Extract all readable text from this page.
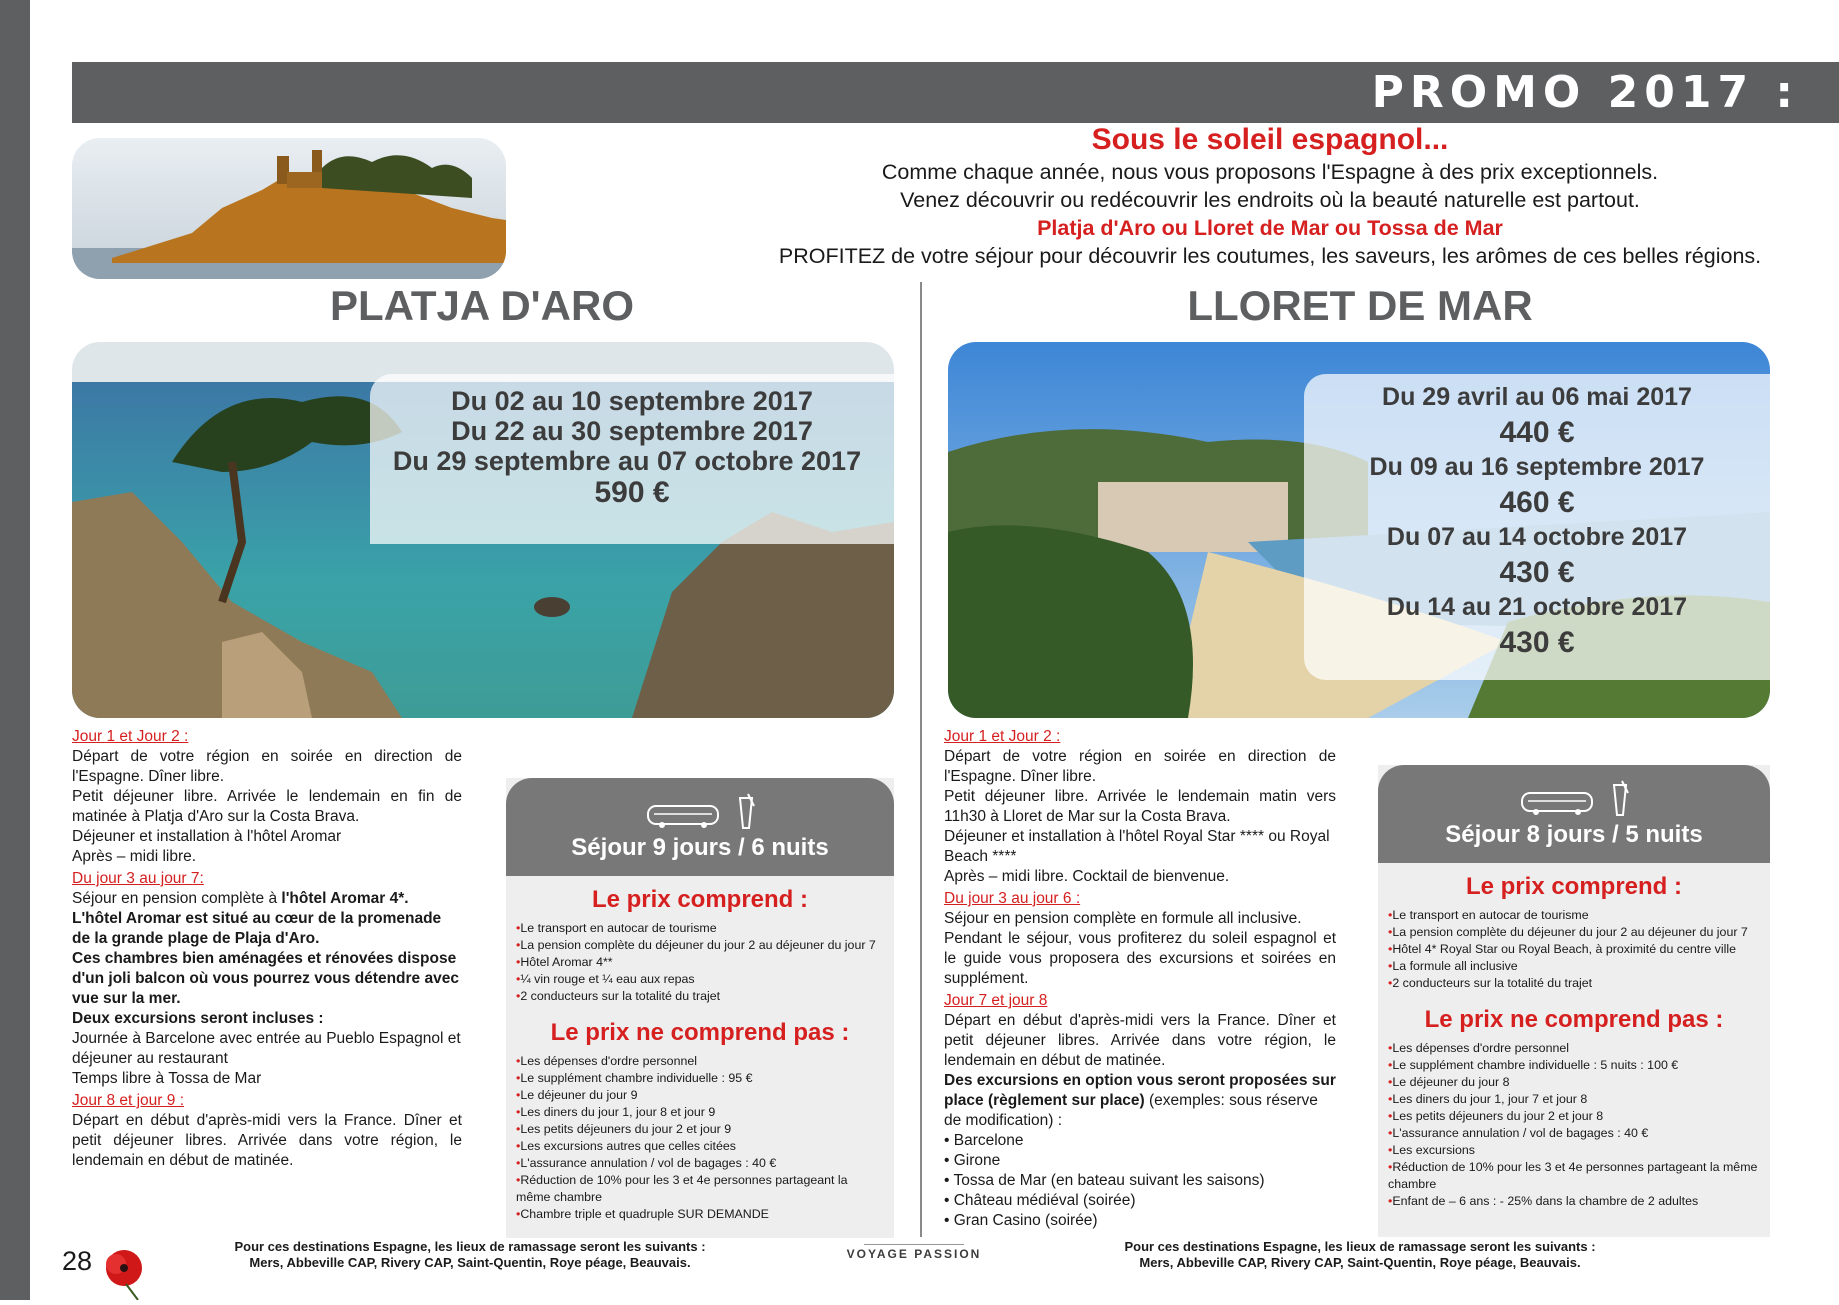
PROMO 2017 :
Sous le soleil espagnol...
Comme chaque année, nous vous proposons l'Espagne à des prix exceptionnels.
Venez découvrir ou redécouvrir les endroits où la beauté naturelle est partout.
Platja d'Aro ou Lloret de Mar ou Tossa de Mar
PROFITEZ de votre séjour pour découvrir les coutumes, les saveurs, les arômes de ces belles régions.
PLATJA D'ARO
Du 02 au 10 septembre 2017
Du 22 au 30 septembre 2017
Du 29 septembre au 07 octobre 2017
590 €

Jour 1 et Jour 2 :

Départ de votre région en soirée en direction de l'Espagne. Dîner libre.

Petit déjeuner libre. Arrivée le lendemain en fin de matinée à Platja d'Aro sur la Costa Brava.

Déjeuner et installation à l'hôtel Aromar

Après – midi libre.

Du jour 3 au jour 7:

Séjour en pension complète à l'hôtel Aromar 4*.

L'hôtel Aromar est situé au cœur de la promenade de la grande plage de Plaja d'Aro.

Ces chambres bien aménagées et rénovées dispose d'un joli balcon où vous pourrez vous détendre avec vue sur la mer.

Deux excursions seront incluses :

Journée à Barcelone avec entrée au Pueblo Espagnol et déjeuner au restaurant

Temps libre à Tossa de Mar

Jour 8 et jour 9 :

Départ en début d'après-midi vers la France. Dîner et petit déjeuner libres. Arrivée dans votre région, le lendemain en début de matinée.

Séjour 9 jours / 6 nuits
Le prix comprend :
• Le transport en autocar de tourisme
• La pension complète du déjeuner du jour 2 au déjeuner du jour 7
• Hôtel Aromar 4**
• ¼ vin rouge et ¼ eau aux repas
• 2 conducteurs sur la totalité du trajet
Le prix ne comprend pas :
• Les dépenses d'ordre personnel
• Le supplément chambre individuelle : 95 €
• Le déjeuner du jour 9
• Les diners du jour 1, jour 8 et jour 9
• Les petits déjeuners du jour 2 et jour 9
• Les excursions autres que celles citées
• L'assurance annulation / vol de bagages : 40 €
• Réduction de 10% pour les 3 et 4e personnes partageant la même chambre
• Chambre triple et quadruple SUR DEMANDE
LLORET DE MAR
Du 29 avril au 06 mai 2017
440 €
Du 09 au 16 septembre 2017
460 €
Du 07 au 14 octobre 2017
430 €
Du 14 au 21 octobre 2017
430 €

Jour 1 et Jour 2 :

Départ de votre région en soirée en direction de l'Espagne. Dîner libre.

Petit déjeuner libre. Arrivée le lendemain matin vers 11h30 à Lloret de Mar sur la Costa Brava.

Déjeuner et installation à l'hôtel Royal Star **** ou Royal Beach ****

Après – midi libre. Cocktail de bienvenue.

Du jour 3 au jour 6 :

Séjour en pension complète en formule all inclusive.

Pendant le séjour, vous profiterez du soleil espagnol et le guide vous proposera des excursions et soirées en supplément.

Jour 7 et jour 8

Départ en début d'après-midi vers la France. Dîner et petit déjeuner libres. Arrivée dans votre région, le lendemain en début de matinée.

Des excursions en option vous seront proposées sur place (règlement sur place) (exemples: sous réserve de modification) :

• Barcelone

• Girone

• Tossa de Mar (en bateau suivant les saisons)

• Château médiéval (soirée)

• Gran Casino (soirée)

Séjour 8 jours / 5 nuits
Le prix comprend :
• Le transport en autocar de tourisme
• La pension complète du déjeuner du jour 2 au déjeuner du jour 7
• Hôtel 4* Royal Star ou Royal Beach, à proximité du centre ville
• La formule all inclusive
• 2 conducteurs sur la totalité du trajet
Le prix ne comprend pas :
• Les dépenses d'ordre personnel
• Le supplément chambre individuelle : 5 nuits : 100 €
• Le déjeuner du jour 8
• Les diners du jour 1, jour 7 et jour 8
• Les petits déjeuners du jour 2 et jour 8
• L'assurance annulation / vol de bagages : 40 €
• Les excursions
• Réduction de 10% pour les 3 et 4e personnes partageant la même chambre
• Enfant de – 6 ans : - 25% dans la chambre de 2 adultes
28	Pour ces destinations Espagne, les lieux de ramassage seront les suivants :
Mers, Abbeville CAP, Rivery CAP, Saint-Quentin, Roye péage, Beauvais.
VOYAGE PASSION	Pour ces destinations Espagne, les lieux de ramassage seront les suivants :
Mers, Abbeville CAP, Rivery CAP, Saint-Quentin, Roye péage, Beauvais.
